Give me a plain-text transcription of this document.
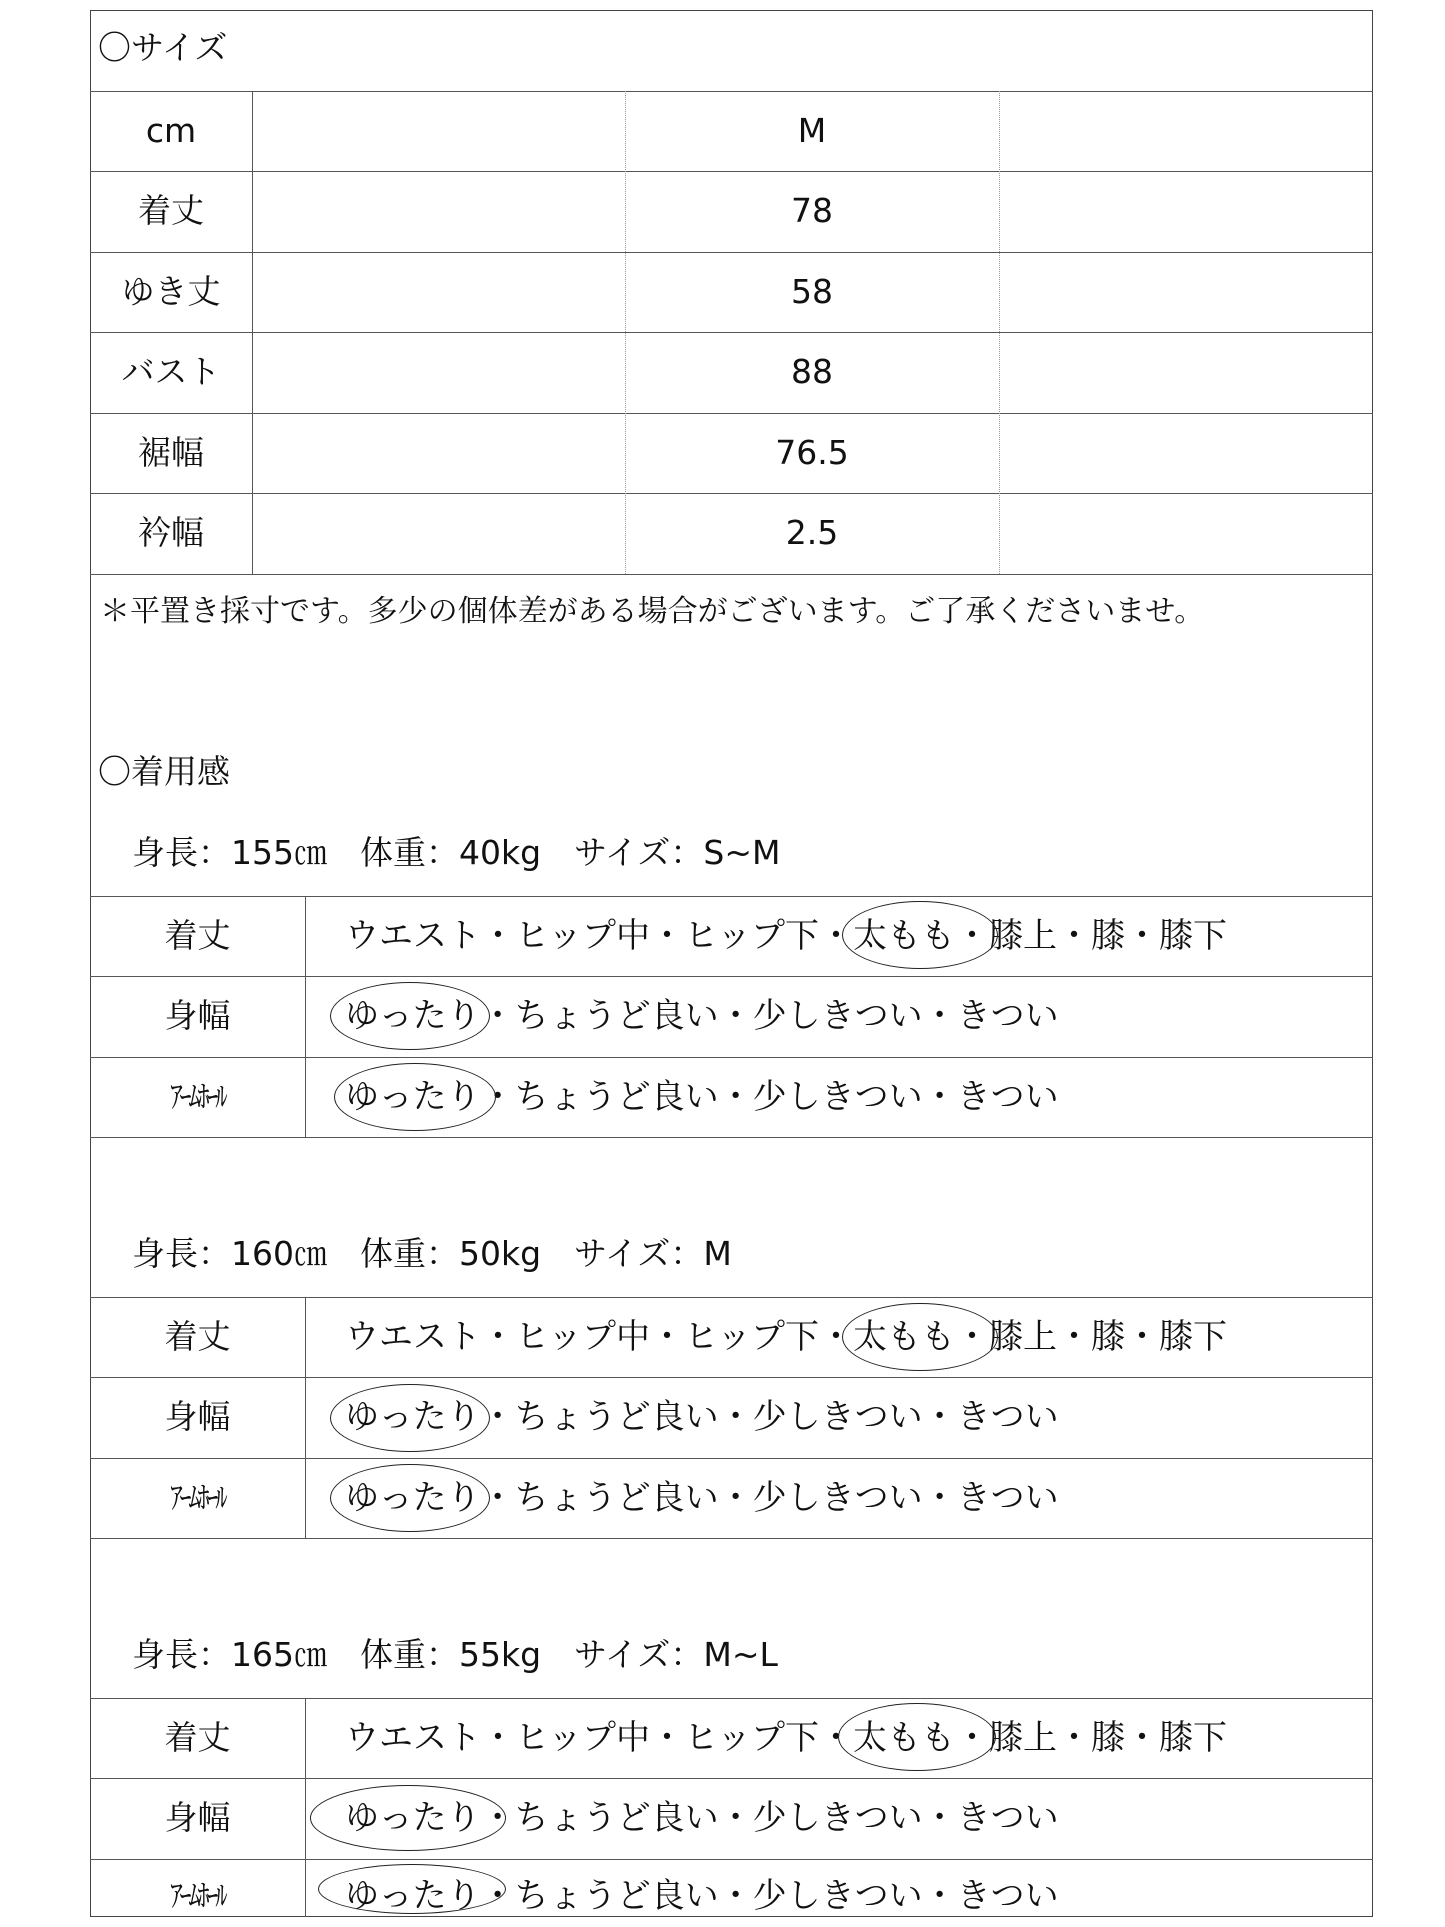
〇サイズ
cm	M
着丈	78
ゆき丈	58
バスト	88
裾幅	76.5
衿幅	2.5
＊平置き採寸です。多少の個体差がある場合がございます。ご了承くださいませ。
〇着用感
身長：155㎝　体重：40kg　サイズ：S~M
着丈	ウエスト・ヒップ中・ヒップ下・太もも・膝上・膝・膝下
身幅	ゆったり・ちょうど良い・少しきつい・きつい
ｱｰﾑﾎｰﾙ	ゆったり・ちょうど良い・少しきつい・きつい
身長：160㎝　体重：50kg　サイズ：M
着丈	ウエスト・ヒップ中・ヒップ下・太もも・膝上・膝・膝下
身幅	ゆったり・ちょうど良い・少しきつい・きつい
ｱｰﾑﾎｰﾙ	ゆったり・ちょうど良い・少しきつい・きつい
身長：165㎝　体重：55kg　サイズ：M~L
着丈	ウエスト・ヒップ中・ヒップ下・太もも・膝上・膝・膝下
身幅	ゆったり・ちょうど良い・少しきつい・きつい
ｱｰﾑﾎｰﾙ	ゆったり・ちょうど良い・少しきつい・きつい
